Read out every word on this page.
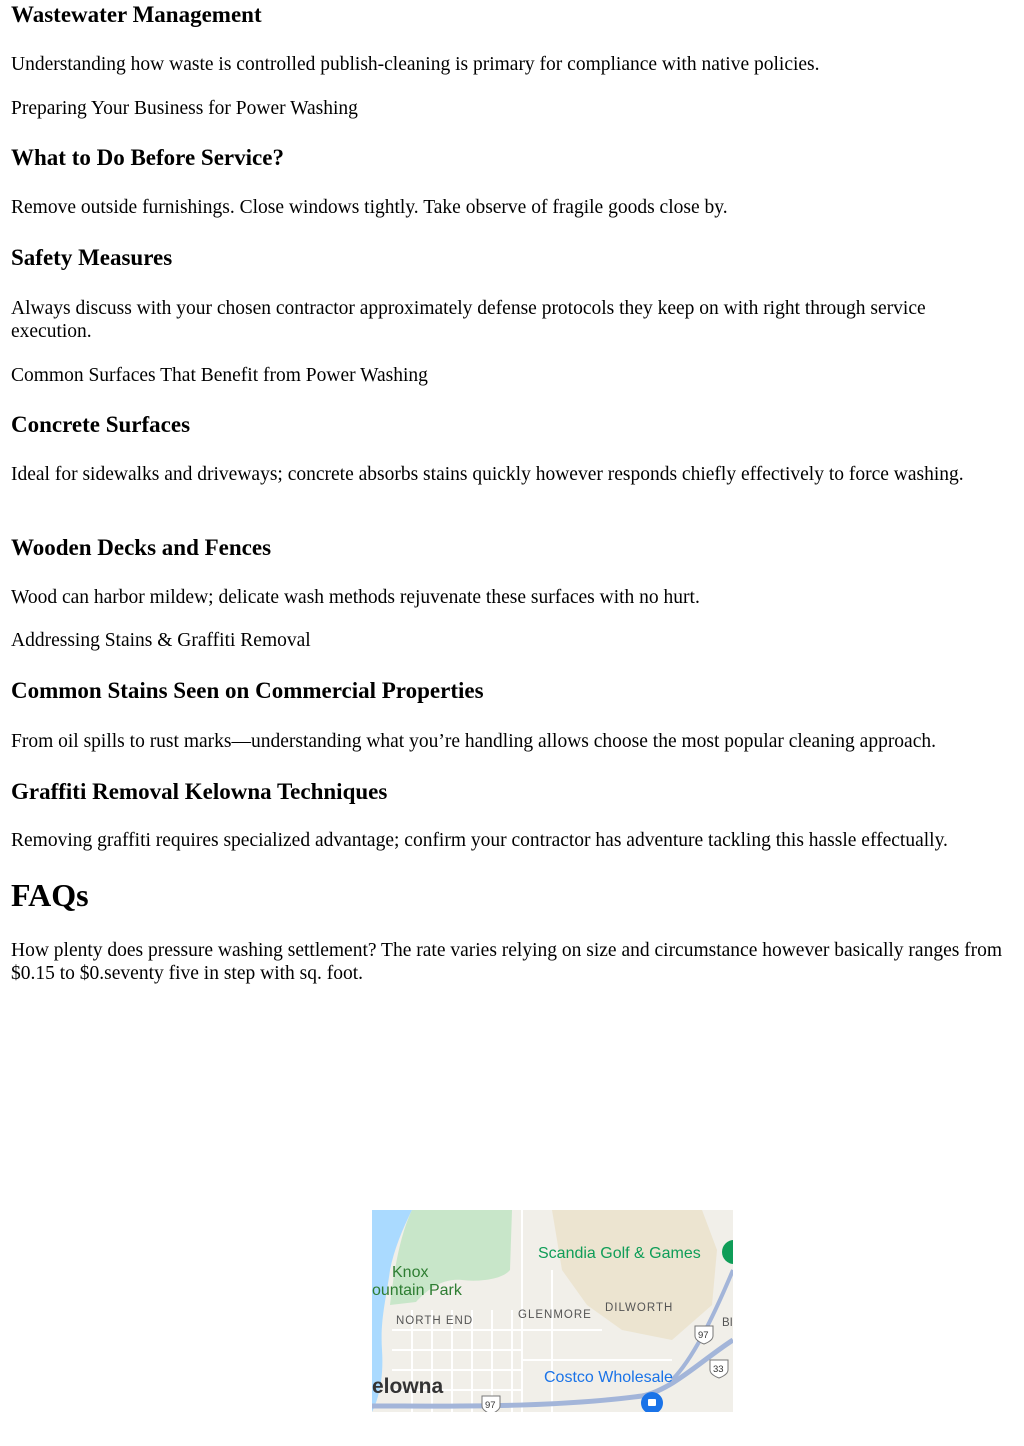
Wastewater Management

Understanding how waste is controlled publish-cleaning is primary for compliance with native policies.

Preparing Your Business for Power Washing

What to Do Before Service?

Remove outside furnishings. Close windows tightly. Take observe of fragile goods close by.

Safety Measures

Always discuss with your chosen contractor approximately defense protocols they keep on with right through service execution.

Common Surfaces That Benefit from Power Washing

Concrete Surfaces

Ideal for sidewalks and driveways; concrete absorbs stains quickly however responds chiefly effectively to force washing.

Wooden Decks and Fences

Wood can harbor mildew; delicate wash methods rejuvenate these surfaces with no hurt.

Addressing Stains & Graffiti Removal

Common Stains Seen on Commercial Properties

From oil spills to rust marks—understanding what you’re handling allows choose the most popular cleaning approach.

Graffiti Removal Kelowna Techniques

Removing graffiti requires specialized advantage; confirm your contractor has adventure tackling this hassle effectually.

FAQs

How plenty does pressure washing settlement? The rate varies relying on size and circumstance however basically ranges from $0.15 to $0.seventy five in step with sq. foot.

Scandia Golf & Games
Knox
ountain Park
GLENMORE
DILWORTH
NORTH END	BI
97
33
97
Costco Wholesale
elowna
